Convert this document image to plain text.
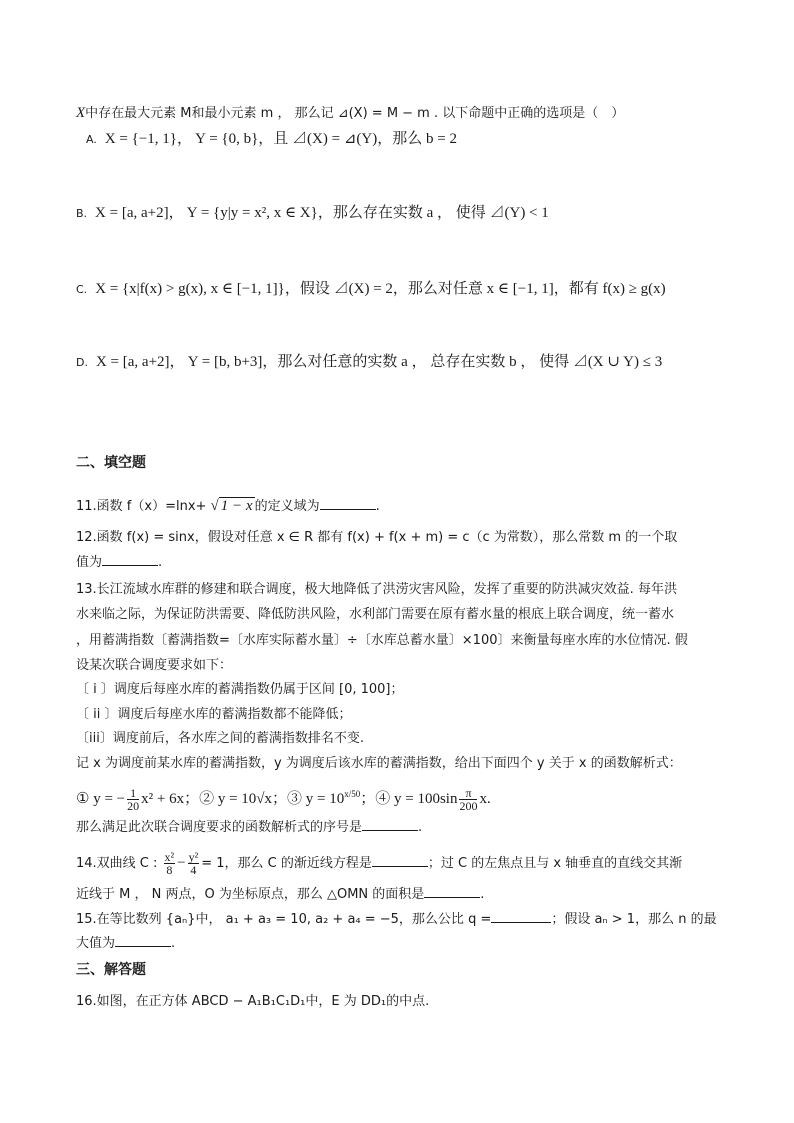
X中存在最大元素 M和最小元素 m ， 那么记 ⊿(X) = M − m . 以下命题中正确的选项是（　）
A. X = {−1, 1}， Y = {0, b}，且 ⊿(X) = ⊿(Y)，那么 b = 2
B. X = [a, a+2]， Y = {y|y = x², x ∈ X}，那么存在实数 a ， 使得 ⊿(Y) < 1
C. X = {x|f(x) > g(x), x ∈ [−1, 1]}，假设 ⊿(X) = 2，那么对任意 x ∈ [−1, 1]，都有 f(x) ≥ g(x)
D. X = [a, a+2]， Y = [b, b+3]，那么对任意的实数 a ， 总存在实数 b ， 使得 ⊿(X ∪ Y) ≤ 3
二、填空题
11.函数 f（x）=lnx+ √ 1 − x 的定义域为	.
12.函数 f(x) = sinx，假设对任意 x ∈ R 都有 f(x) + f(x + m) = c（c 为常数），那么常数 m 的一个取
值为	.
13.长江流域水库群的修建和联合调度，极大地降低了洪涝灾害风险，发挥了重要的防洪减灾效益. 每年洪
水来临之际，为保证防洪需要、降低防洪风险，水利部门需要在原有蓄水量的根底上联合调度，统一蓄水
，用蓄满指数〔蓄满指数=〔水库实际蓄水量〕÷〔水库总蓄水量〕×100〕来衡量每座水库的水位情况. 假
设某次联合调度要求如下：
〔 i 〕调度后每座水库的蓄满指数仍属于区间 [0, 100]；
〔 ii 〕调度后每座水库的蓄满指数都不能降低；
〔iii〕调度前后，各水库之间的蓄满指数排名不变.
记 x 为调度前某水库的蓄满指数，y 为调度后该水库的蓄满指数，给出下面四个 y 关于 x 的函数解析式：
① y = − $\frac{1}{20} x^2 + 6x$；② y = 10√x；③ $y = 10^{x/50}$；④ $y = 100\sin \frac{\pi}{200} x$.
那么满足此次联合调度要求的函数解析式的序号是	.
14.双曲线 C : $\frac{\text{x²}}{8} - \frac{\text{y²}}{4} = 1$，那么 C 的渐近线方程是	；过 C 的左焦点且与 x 轴垂直的直线交其渐
近线于 M ， N 两点，O 为坐标原点，那么 △OMN 的面积是	.
15.在等比数列 {aₙ}中， a₁ + a₃ = 10, a₂ + a₄ = −5，那么公比 q =	；假设 aₙ > 1，那么 n 的最
大值为	.
三、解答题
16.如图，在正方体 ABCD − A₁B₁C₁D₁中，E 为 DD₁的中点.
